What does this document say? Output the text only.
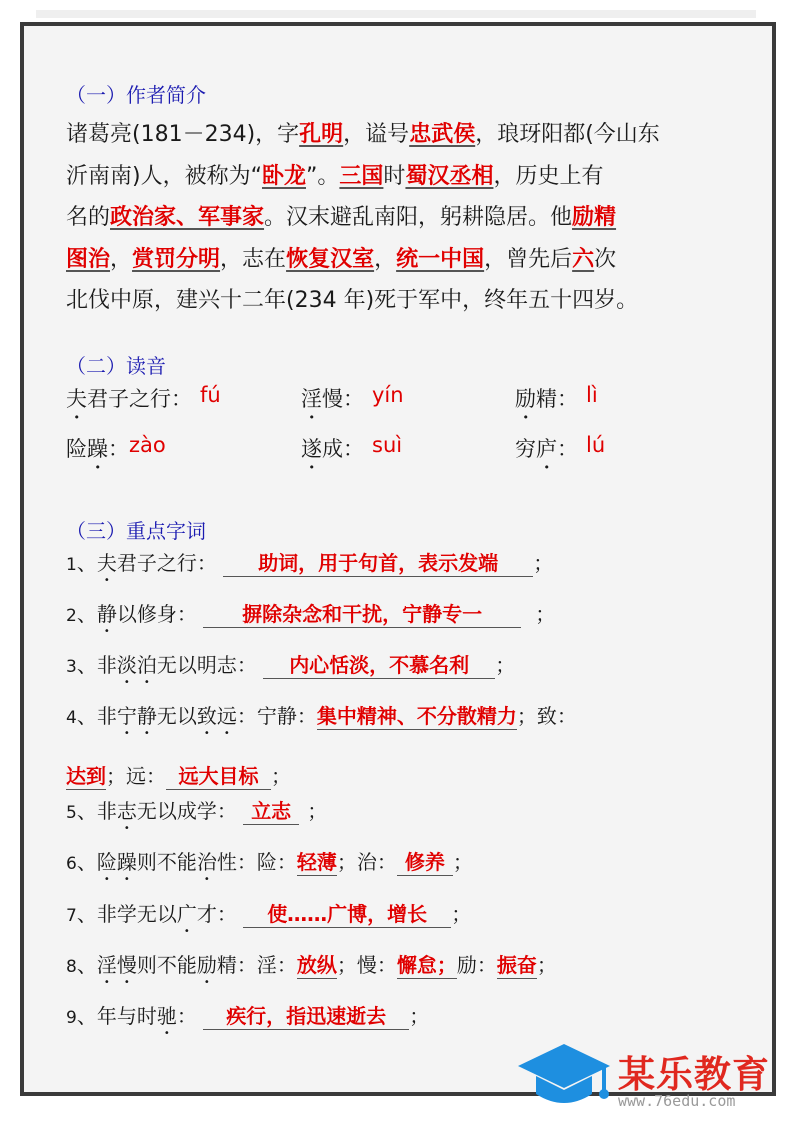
（一）作者简介

诸葛亮(181－234)，字孔明，谥号忠武侯，琅玡阳都(今山东

沂南南)人，被称为“卧龙”。三国时蜀汉丞相，历史上有

名的政治家、军事家。汉末避乱南阳，躬耕隐居。他励精

图治，赏罚分明，志在恢复汉室，统一中国，曾先后六次

北伐中原，建兴十二年(234 年)死于军中，终年五十四岁。

（二）读音

夫 君子之行： fú	淫 慢： yín	励 精： lì
险 躁 ： zào	遂 成： suì	穷 庐 ： lú

（三）重点字词

1、夫君子之行： 助词，用于句首，表示发端 ；

2、静以修身： 摒除杂念和干扰，宁静专一	；

3、非淡泊无以明志： 内心恬淡，不慕名利 ；

4、非宁静无以致远：宁静：集中精神、不分散精力；致：

达到；远： 远大目标 ；

5、非志无以成学： 立志 ；

6、险躁则不能治性：险：轻薄；治： 修养 ；

7、非学无以广才： 使……广博，增长 ；

8、淫慢则不能励精：淫：放纵；慢：懈怠；励：振奋；

9、年与时驰： 疾行，指迅速逝去 ；

某乐教育
www.76edu.com
